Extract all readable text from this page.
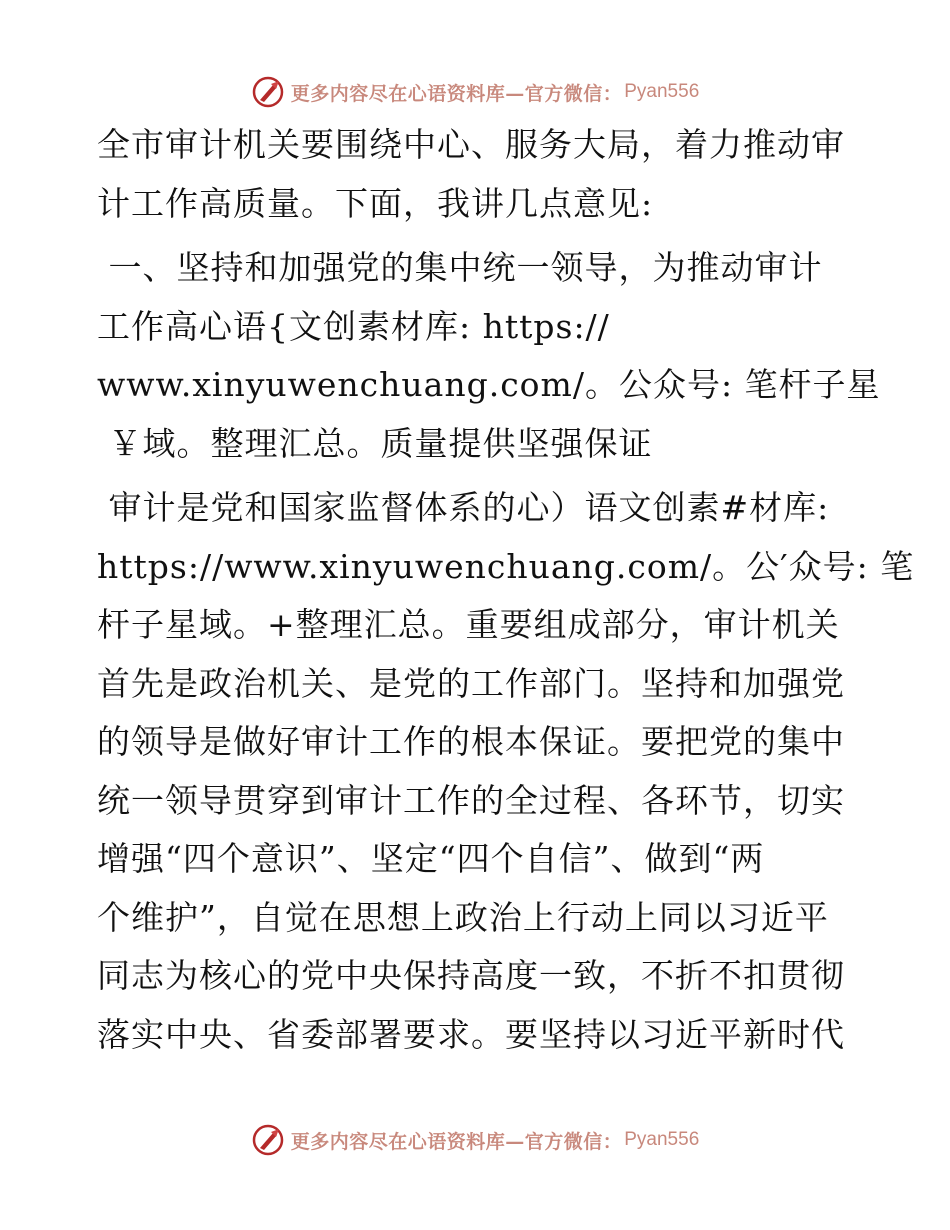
更多内容尽在心语资料库—官方微信： Pyan556

全市审计机关要围绕中心、服务大局，着力推动审

计工作高质量。下面，我讲几点意见:

一、坚持和加强党的集中统一领导，为推动审计

工作高心语{文创素材库: https://

www.xinyuwenchuang.com/。公众号: 笔杆子星

￥域。整理汇总。质量提供坚强保证

审计是党和国家监督体系的心）语文创素#材库:

https://www.xinyuwenchuang.com/。公′众号: 笔

杆子星域。+整理汇总。重要组成部分，审计机关

首先是政治机关、是党的工作部门。坚持和加强党

的领导是做好审计工作的根本保证。要把党的集中

统一领导贯穿到审计工作的全过程、各环节，切实

增强“四个意识”、坚定“四个自信”、做到“两

个维护”，自觉在思想上政治上行动上同以习近平

同志为核心的党中央保持高度一致，不折不扣贯彻

落实中央、省委部署要求。要坚持以习近平新时代

更多内容尽在心语资料库—官方微信： Pyan556
